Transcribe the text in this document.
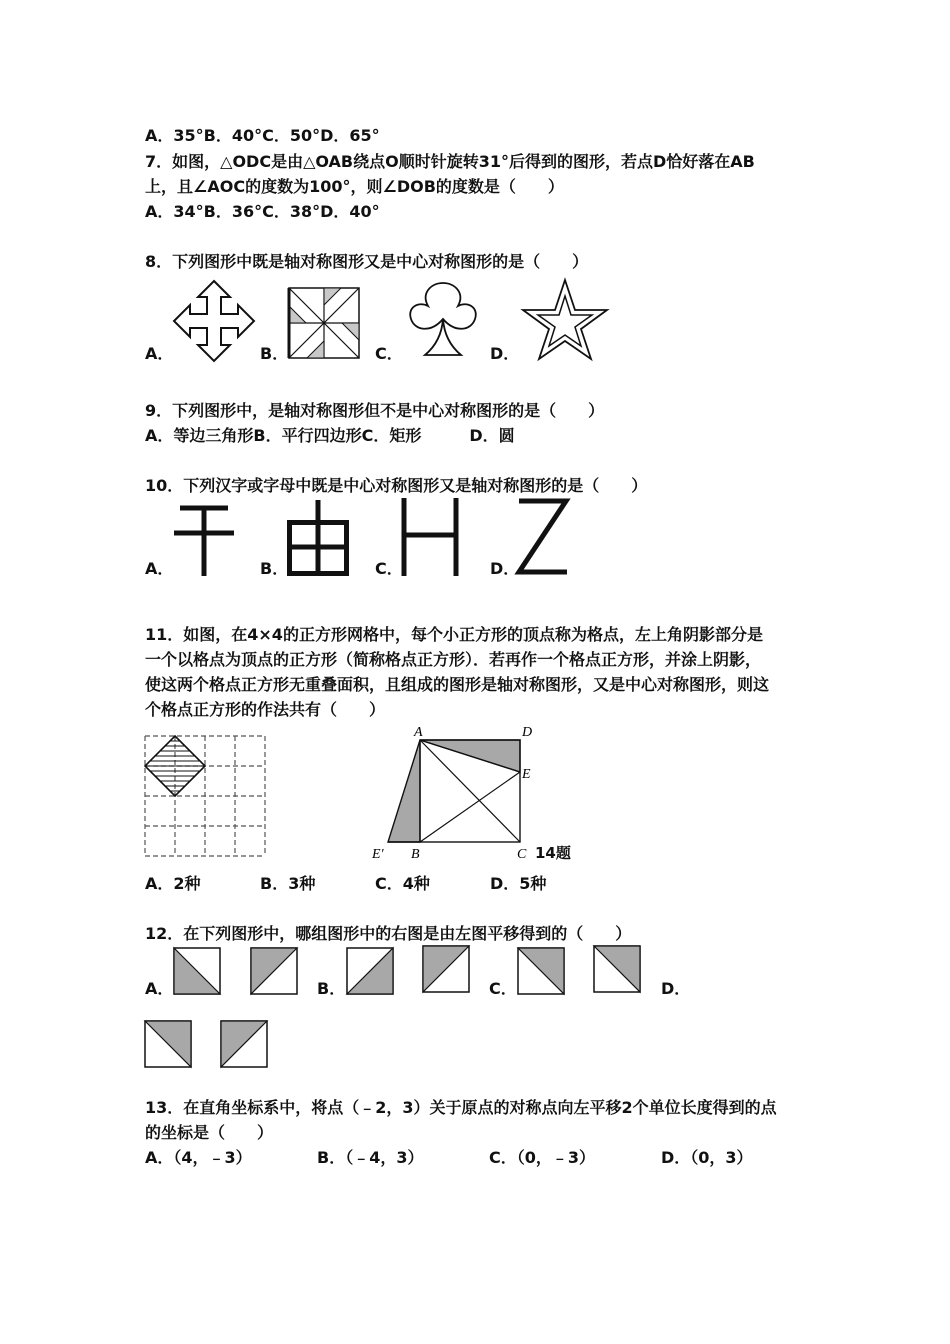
A．35°B．40°C．50°D．65°
7．如图，△ODC是由△OAB绕点O顺时针旋转31°后得到的图形，若点D恰好落在AB
上，且∠AOC的度数为100°，则∠DOB的度数是（　　）
A．34°B．36°C．38°D．40°
8．下列图形中既是轴对称图形又是中心对称图形的是（　　）
A．	B．	C．	D．
9．下列图形中，是轴对称图形但不是中心对称图形的是（　　）
A．等边三角形B．平行四边形C．矩形　　　D．圆
10．下列汉字或字母中既是中心对称图形又是轴对称图形的是（　　）
A．	B．	C．	D．
11．如图，在4×4的正方形网格中，每个小正方形的顶点称为格点，左上角阴影部分是
一个以格点为顶点的正方形（简称格点正方形）．若再作一个格点正方形，并涂上阴影，
使这两个格点正方形无重叠面积，且组成的图形是轴对称图形，又是中心对称图形，则这
个格点正方形的作法共有（　　）
A	D
E
E′ B	C 14题
A．2种	B．3种	C．4种	D．5种
12．在下列图形中，哪组图形中的右图是由左图平移得到的（　　）
A．	B．	C．	D．
13．在直角坐标系中，将点（﹣2，3）关于原点的对称点向左平移2个单位长度得到的点
的坐标是（　　）
A．（4，﹣3）	B．（﹣4，3）	C．（0，﹣3）	D．（0，3）
